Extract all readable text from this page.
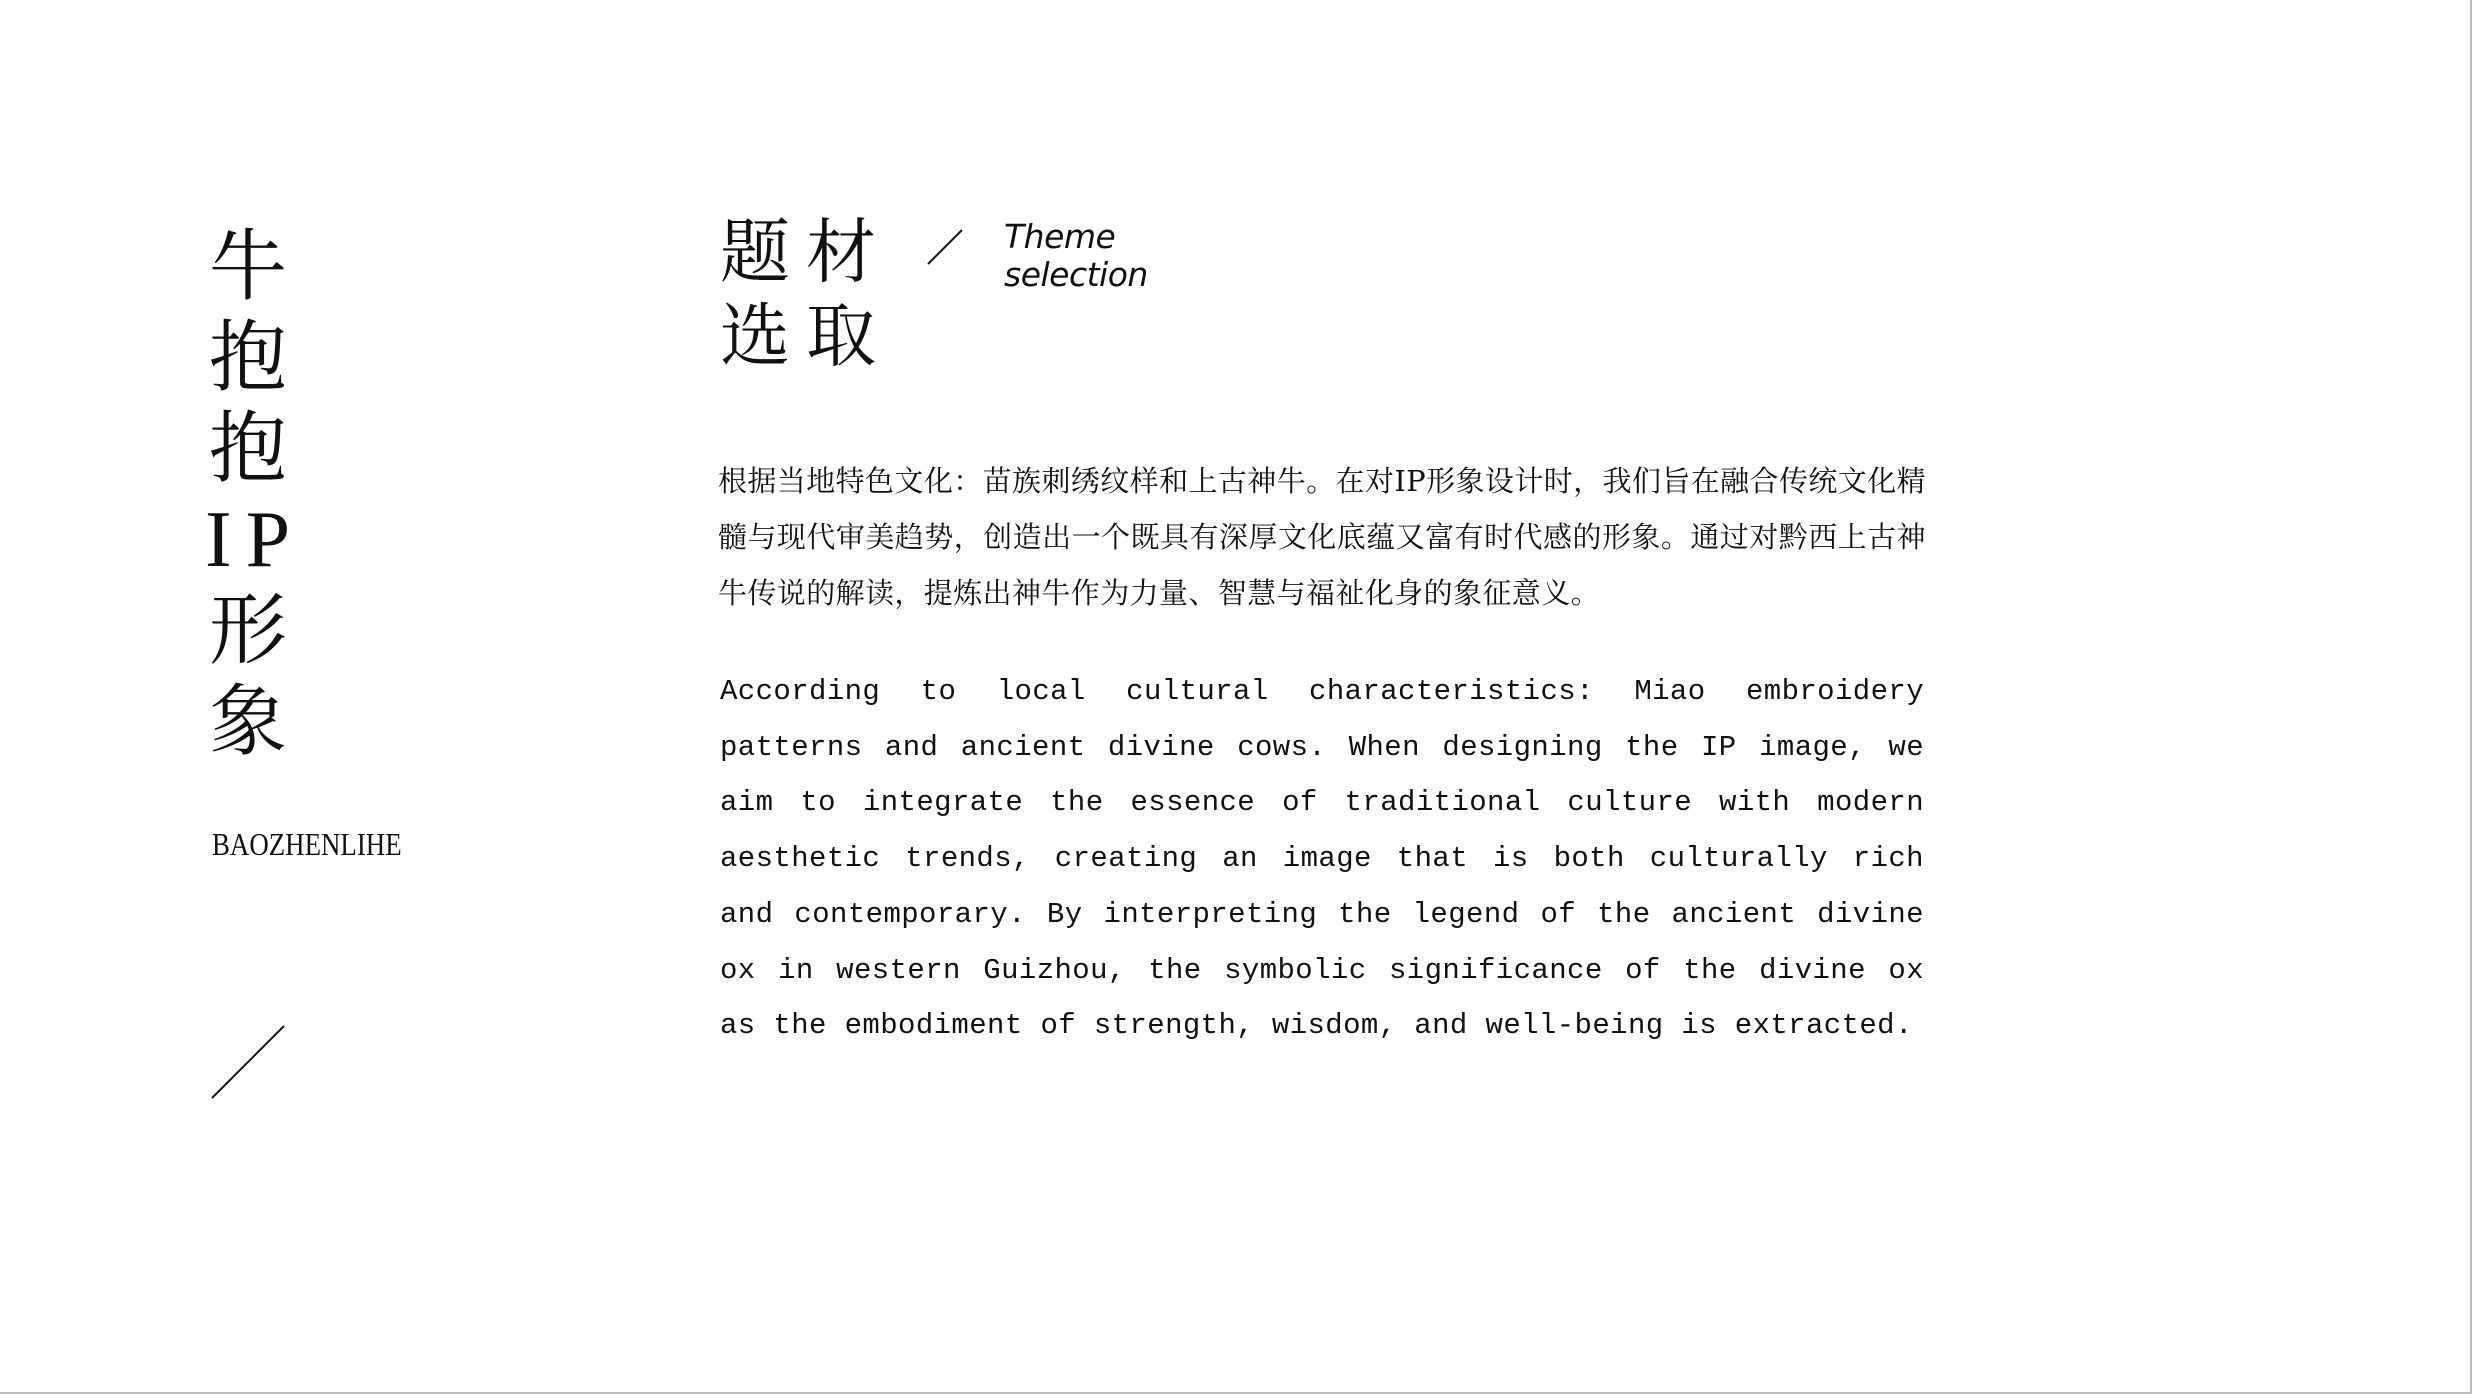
牛
抱
抱
IP
形
象
BAOZHENLIHE
题材
选取
Theme
selection
根据当地特色文化：苗族刺绣纹样和上古神牛。在对IP形象设计时，我们旨在融合传统文化精髓与现代审美趋势，创造出一个既具有深厚文化底蕴又富有时代感的形象。通过对黔西上古神牛传说的解读，提炼出神牛作为力量、智慧与福祉化身的象征意义。
According to local cultural characteristics: Miao embroidery patterns and ancient divine cows. When designing the IP image, we aim to integrate the essence of traditional culture with modern aesthetic trends, creating an image that is both culturally rich and contemporary. By interpreting the legend of the ancient divine ox in western Guizhou, the symbolic significance of the divine ox as the embodiment of strength, wisdom, and well-being is extracted.
